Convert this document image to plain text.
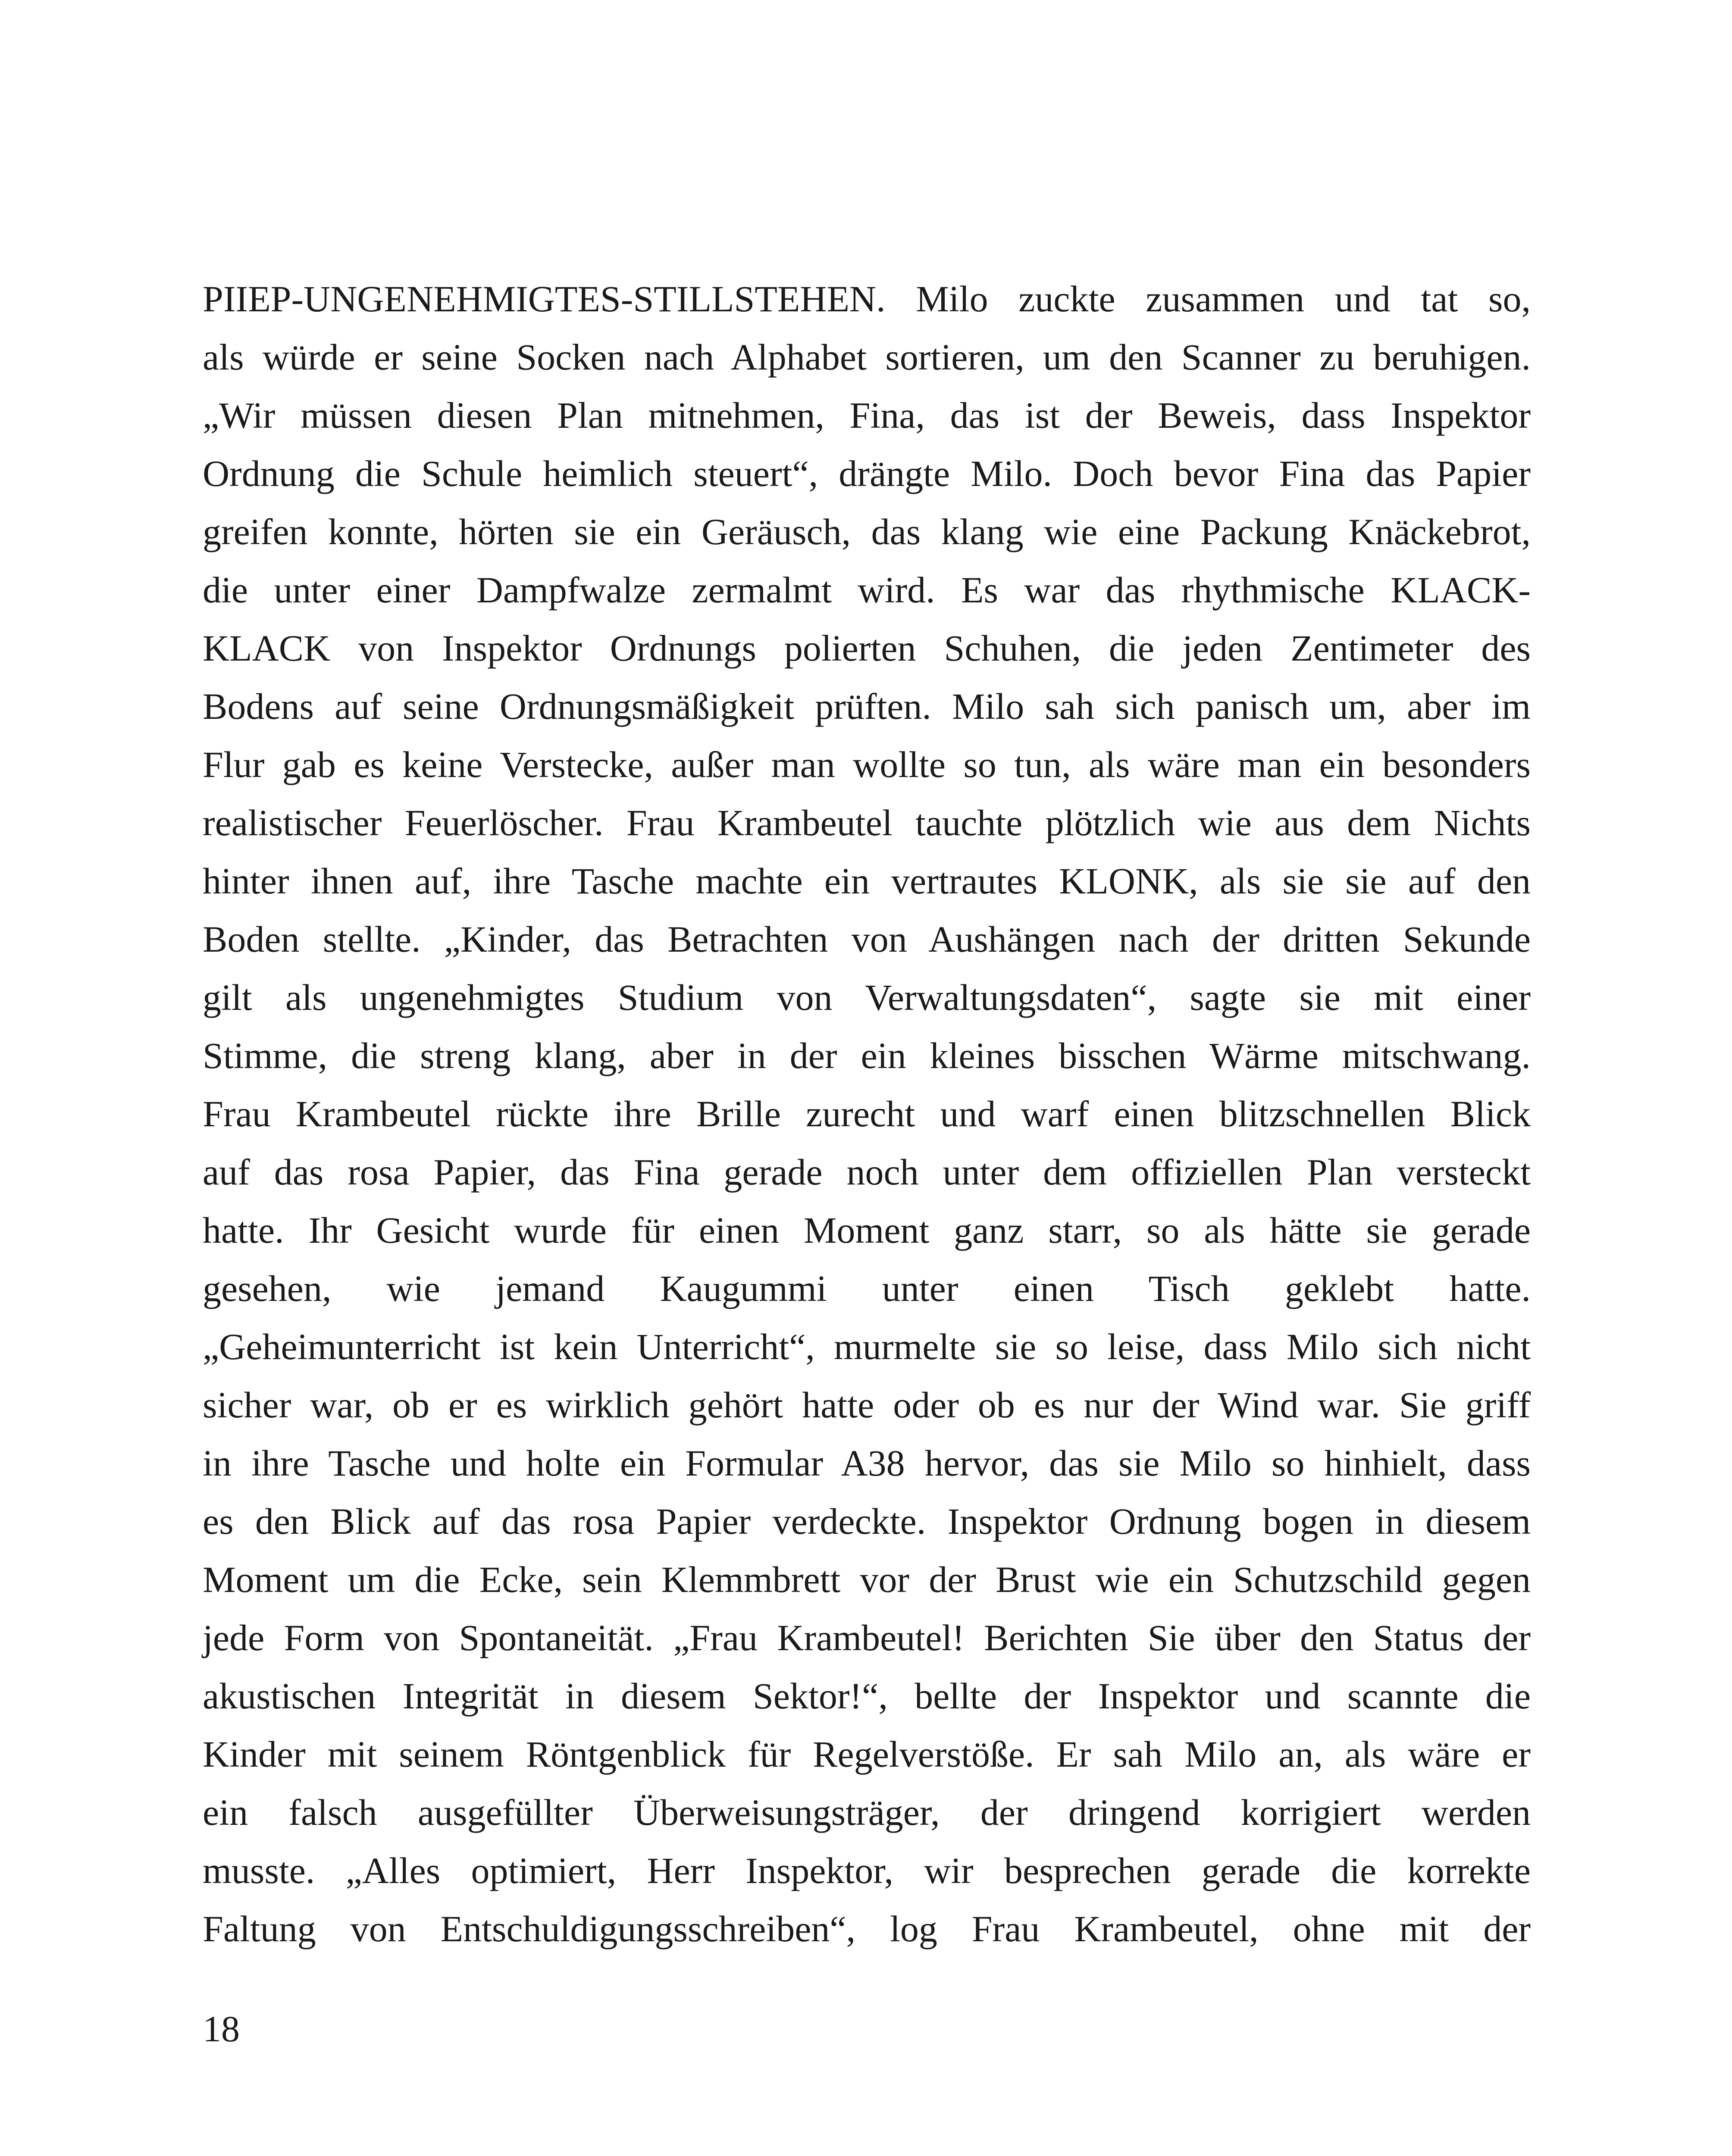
PIIEP-UNGENEHMIGTES-STILLSTEHEN. Milo zuckte zusammen und tat so,
als würde er seine Socken nach Alphabet sortieren, um den Scanner zu beruhigen.
„Wir müssen diesen Plan mitnehmen, Fina, das ist der Beweis, dass Inspektor
Ordnung die Schule heimlich steuert“, drängte Milo. Doch bevor Fina das Papier
greifen konnte, hörten sie ein Geräusch, das klang wie eine Packung Knäckebrot,
die unter einer Dampfwalze zermalmt wird. Es war das rhythmische KLACK-
KLACK von Inspektor Ordnungs polierten Schuhen, die jeden Zentimeter des
Bodens auf seine Ordnungsmäßigkeit prüften. Milo sah sich panisch um, aber im
Flur gab es keine Verstecke, außer man wollte so tun, als wäre man ein besonders
realistischer Feuerlöscher. Frau Krambeutel tauchte plötzlich wie aus dem Nichts
hinter ihnen auf, ihre Tasche machte ein vertrautes KLONK, als sie sie auf den
Boden stellte. „Kinder, das Betrachten von Aushängen nach der dritten Sekunde
gilt als ungenehmigtes Studium von Verwaltungsdaten“, sagte sie mit einer
Stimme, die streng klang, aber in der ein kleines bisschen Wärme mitschwang.
Frau Krambeutel rückte ihre Brille zurecht und warf einen blitzschnellen Blick
auf das rosa Papier, das Fina gerade noch unter dem offiziellen Plan versteckt
hatte. Ihr Gesicht wurde für einen Moment ganz starr, so als hätte sie gerade
gesehen, wie jemand Kaugummi unter einen Tisch geklebt hatte.
„Geheimunterricht ist kein Unterricht“, murmelte sie so leise, dass Milo sich nicht
sicher war, ob er es wirklich gehört hatte oder ob es nur der Wind war. Sie griff
in ihre Tasche und holte ein Formular A38 hervor, das sie Milo so hinhielt, dass
es den Blick auf das rosa Papier verdeckte. Inspektor Ordnung bogen in diesem
Moment um die Ecke, sein Klemmbrett vor der Brust wie ein Schutzschild gegen
jede Form von Spontaneität. „Frau Krambeutel! Berichten Sie über den Status der
akustischen Integrität in diesem Sektor!“, bellte der Inspektor und scannte die
Kinder mit seinem Röntgenblick für Regelverstöße. Er sah Milo an, als wäre er
ein falsch ausgefüllter Überweisungsträger, der dringend korrigiert werden
musste. „Alles optimiert, Herr Inspektor, wir besprechen gerade die korrekte
Faltung von Entschuldigungsschreiben“, log Frau Krambeutel, ohne mit der
18
